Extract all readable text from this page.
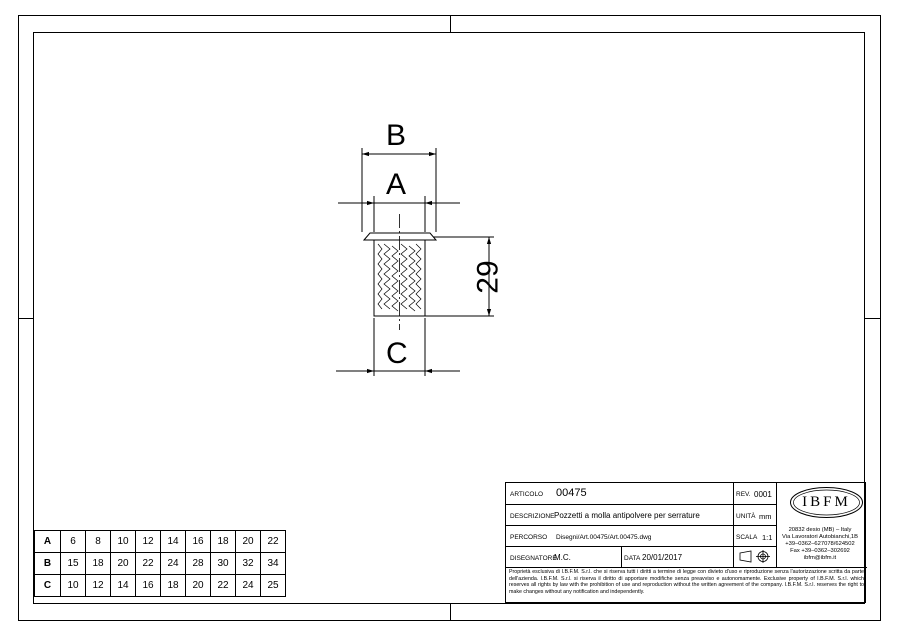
B
A
C
29
A	6	8	10	12	14	16	18	20	22
B	15	18	20	22	24	28	30	32	34
C	10	12	14	16	18	20	22	24	25
ARTICOLO 00475	REV. 0001
DESCRIZIONE Pozzetti a molla antipolvere per serrature	UNITÀ mm
PERCORSO Disegni/Art.00475/Art.00475.dwg	SCALA 1:1
DISEGNATORE
M.C.	DATA 20/01/2017
IBFM
20832 desio (MB) – Italy
Via Lavoratori Autobianchi,1B
+39–0362–627078/624502
Fax +39–0362–302692
ibfm@ibfm.it
Proprietà esclusiva di I.B.F.M. S.r.l. che si riserva tutti i diritti a termine di legge con divieto d'uso e riproduzione senza l'autorizzazione scritta da parte dell'azienda. I.B.F.M. S.r.l. si riserva il diritto di apportare modifiche senza preavviso e autonomamente. Exclusive property of I.B.F.M. S.r.l. which reserves all rights by law with the prohibition of use and reproduction without the written agreement of the company. I.B.F.M. S.r.l. reserves the right to make changes without any notification and independently.
